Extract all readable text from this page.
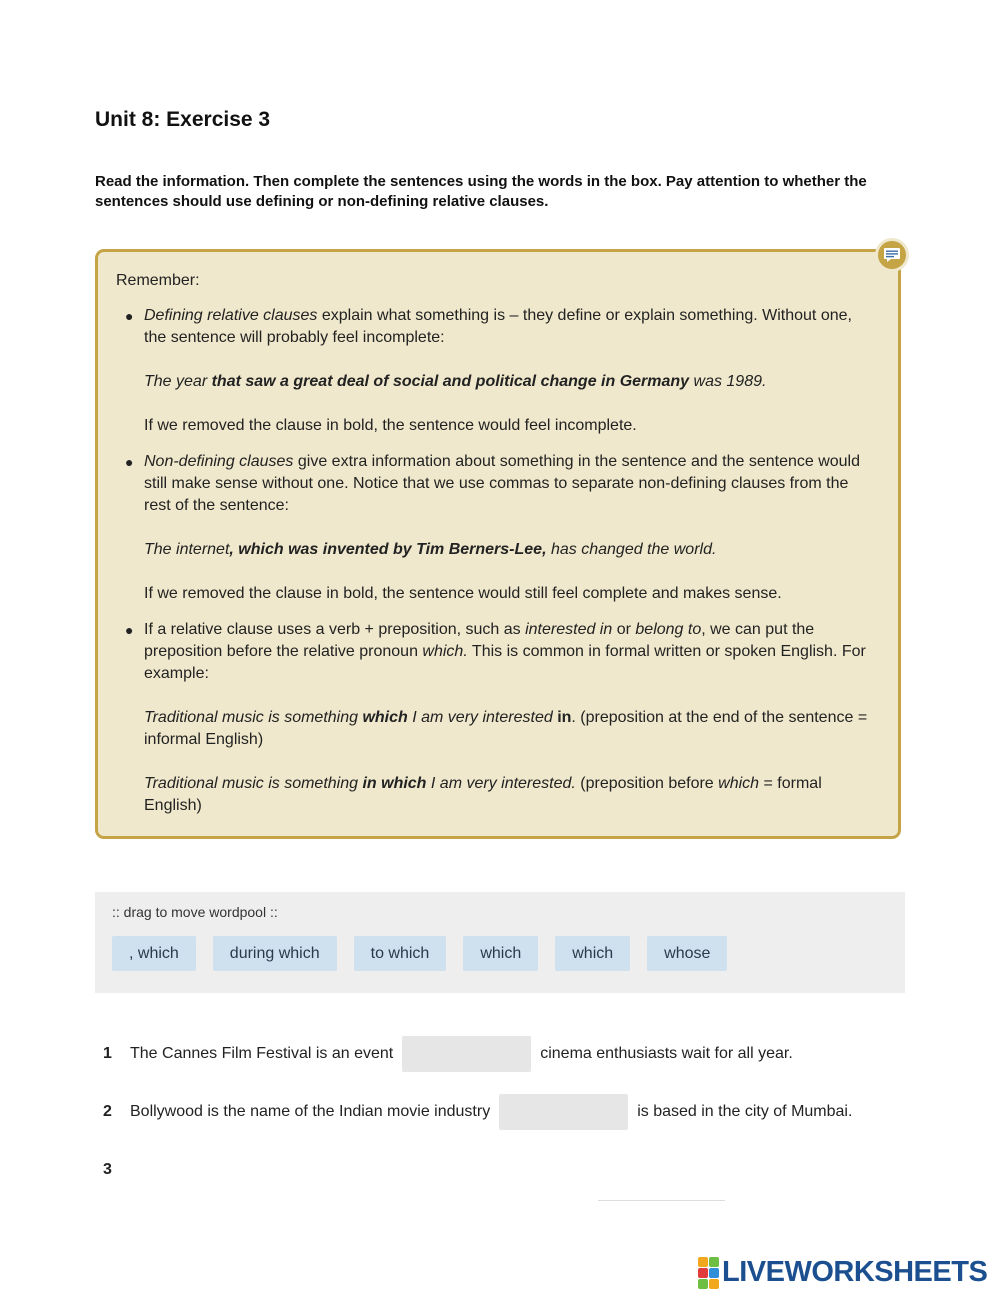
Unit 8: Exercise 3
Read the information. Then complete the sentences using the words in the box. Pay attention to whether the sentences should use defining or non-defining relative clauses.
Remember:
● Defining relative clauses explain what something is – they define or explain something. Without one, the sentence will probably feel incomplete:

The year that saw a great deal of social and political change in Germany was 1989.

If we removed the clause in bold, the sentence would feel incomplete.

● Non-defining clauses give extra information about something in the sentence and the sentence would still make sense without one. Notice that we use commas to separate non-defining clauses from the rest of the sentence:

The internet, which was invented by Tim Berners-Lee, has changed the world.

If we removed the clause in bold, the sentence would still feel complete and makes sense.

● If a relative clause uses a verb + preposition, such as interested in or belong to, we can put the preposition before the relative pronoun which. This is common in formal written or spoken English. For example:

Traditional music is something which I am very interested in. (preposition at the end of the sentence = informal English)

Traditional music is something in which I am very interested. (preposition before which = formal English)

:: drag to move wordpool ::
, which	during which	to which	which	which	whose
1	The Cannes Film Festival is an event	cinema enthusiasts wait for all year.
2	Bollywood is the name of the Indian movie industry	is based in the city of Mumbai.
3
LIVEWORKSHEETS
